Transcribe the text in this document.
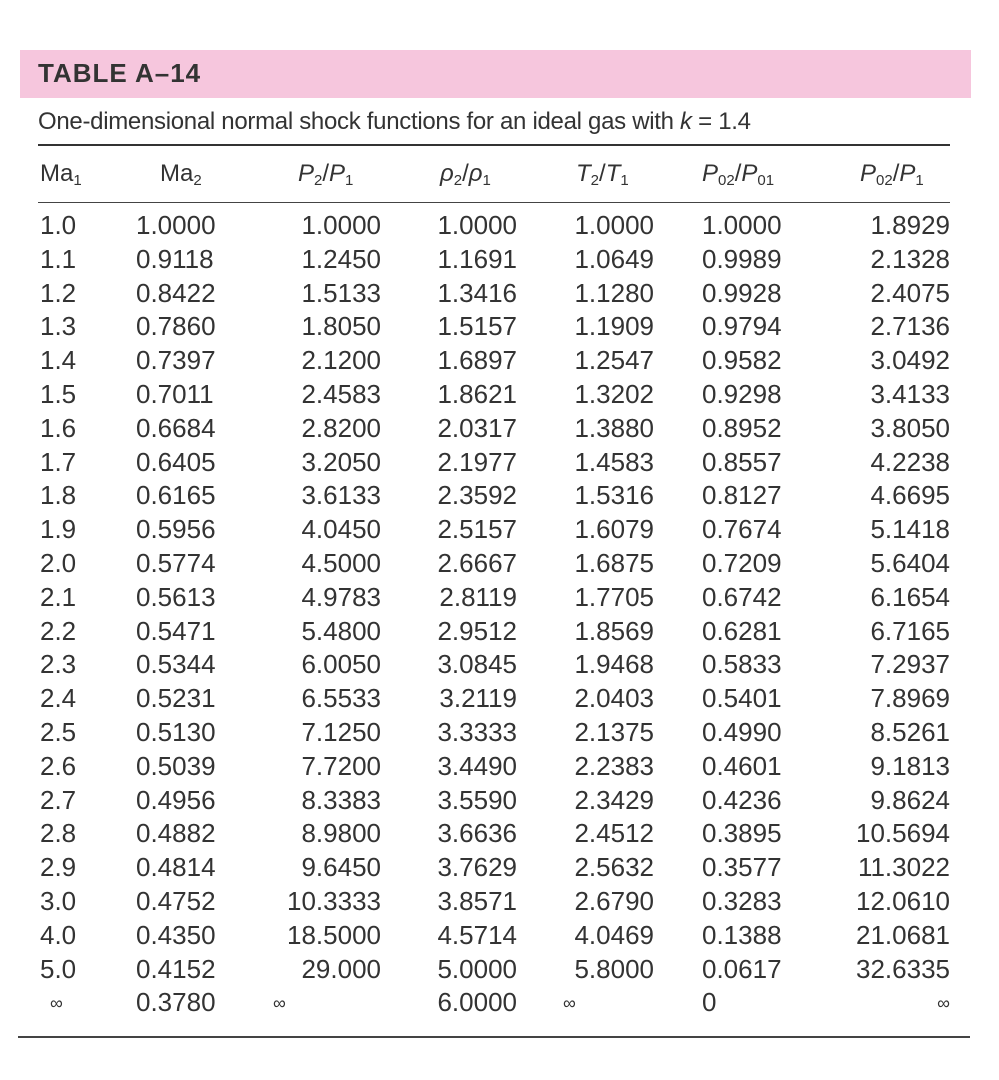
TABLE A–14
One-dimensional normal shock functions for an ideal gas with k = 1.4
$Ma_1$	$Ma_2$	$P_2/P_1$	$\rho_2/\rho_1$	$T_2/T_1$	$P_{02}/P_{01}$	$P_{02}/P_1$
1.0 1.0000	1.0000 1.0000 1.0000 1.0000	1.8929
1.1 0.9118	1.2450 1.1691 1.0649 0.9989	2.1328
1.2 0.8422	1.5133 1.3416 1.1280 0.9928	2.4075
1.3 0.7860	1.8050 1.5157 1.1909 0.9794	2.7136
1.4 0.7397	2.1200 1.6897 1.2547 0.9582	3.0492
1.5 0.7011	2.4583 1.8621 1.3202 0.9298	3.4133
1.6 0.6684	2.8200 2.0317 1.3880 0.8952	3.8050
1.7 0.6405	3.2050 2.1977 1.4583 0.8557	4.2238
1.8 0.6165	3.6133 2.3592 1.5316 0.8127	4.6695
1.9 0.5956	4.0450 2.5157 1.6079 0.7674	5.1418
2.0 0.5774	4.5000 2.6667 1.6875 0.7209	5.6404
2.1 0.5613	4.9783 2.8119 1.7705 0.6742	6.1654
2.2 0.5471	5.4800 2.9512 1.8569 0.6281	6.7165
2.3 0.5344	6.0050 3.0845 1.9468 0.5833	7.2937
2.4 0.5231	6.5533 3.2119 2.0403 0.5401	7.8969
2.5 0.5130	7.1250 3.3333 2.1375 0.4990	8.5261
2.6 0.5039	7.7200 3.4490 2.2383 0.4601	9.1813
2.7 0.4956	8.3383 3.5590 2.3429 0.4236	9.8624
2.8 0.4882	8.9800 3.6636 2.4512 0.3895	10.5694
2.9 0.4814	9.6450 3.7629 2.5632 0.3577	11.3022
3.0 0.4752	10.3333 3.8571 2.6790 0.3283	12.0610
4.0 0.4350	18.5000 4.5714 4.0469 0.1388	21.0681
5.0 0.4152	29.000 5.0000 5.8000 0.0617	32.6335
∞	0.3780	∞	6.0000	∞	0	∞
